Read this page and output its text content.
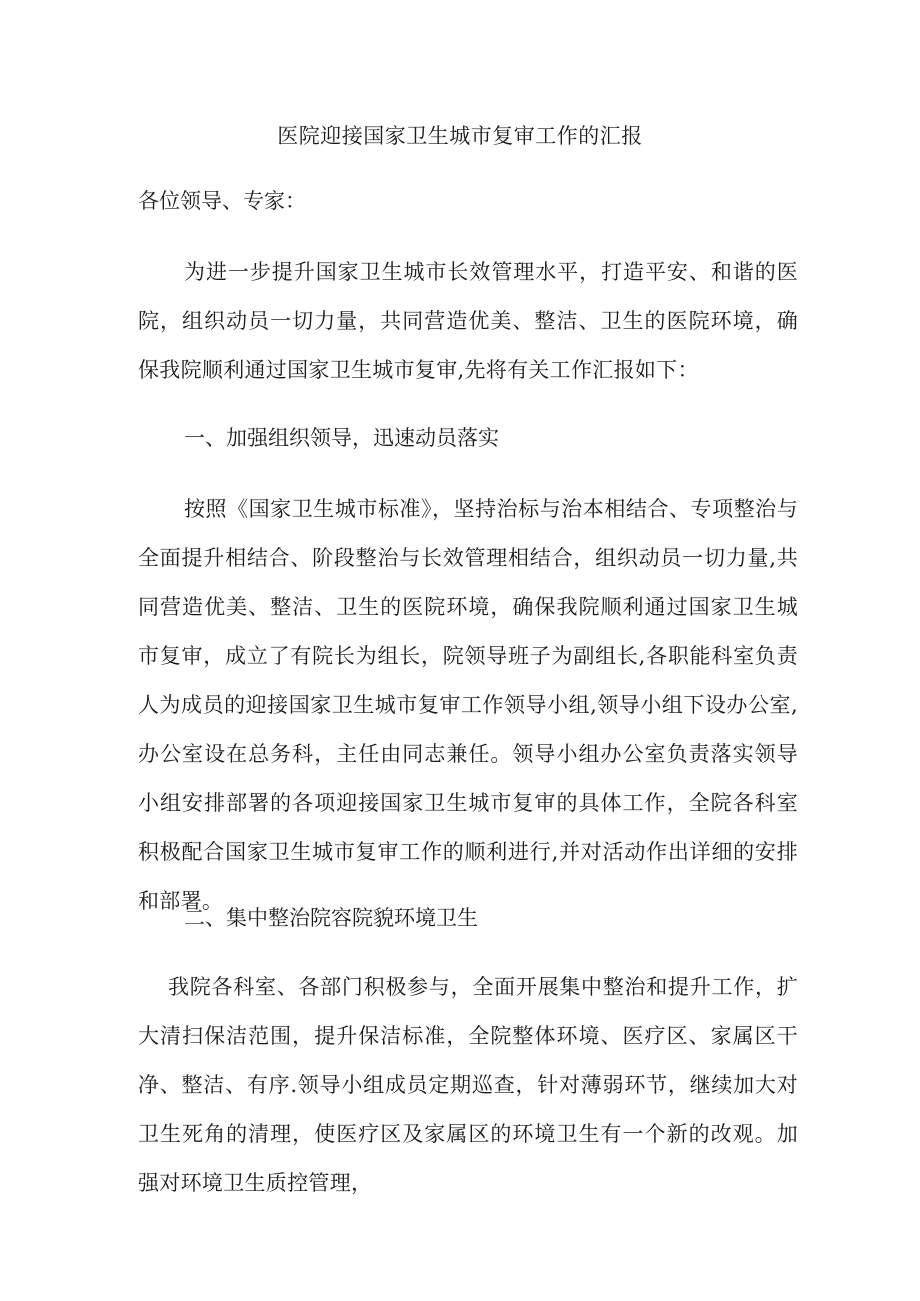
医院迎接国家卫生城市复审工作的汇报
各位领导、专家：
为进一步提升国家卫生城市长效管理水平，打造平安、和谐的医院，组织动员一切力量，共同营造优美、整洁、卫生的医院环境，确保我院顺利通过国家卫生城市复审,先将有关工作汇报如下：
一、加强组织领导，迅速动员落实
按照《国家卫生城市标准》，坚持治标与治本相结合、专项整治与全面提升相结合、阶段整治与长效管理相结合，组织动员一切力量,共同营造优美、整洁、卫生的医院环境，确保我院顺利通过国家卫生城市复审，成立了有院长为组长，院领导班子为副组长,各职能科室负责人为成员的迎接国家卫生城市复审工作领导小组,领导小组下设办公室,办公室设在总务科，主任由同志兼任。领导小组办公室负责落实领导小组安排部署的各项迎接国家卫生城市复审的具体工作，全院各科室积极配合国家卫生城市复审工作的顺利进行,并对活动作出详细的安排和部署。
二、集中整治院容院貌环境卫生
我院各科室、各部门积极参与，全面开展集中整治和提升工作，扩大清扫保洁范围，提升保洁标准，全院整体环境、医疗区、家属区干净、整洁、有序.领导小组成员定期巡查，针对薄弱环节，继续加大对卫生死角的清理，使医疗区及家属区的环境卫生有一个新的改观。加强对环境卫生质控管理，
